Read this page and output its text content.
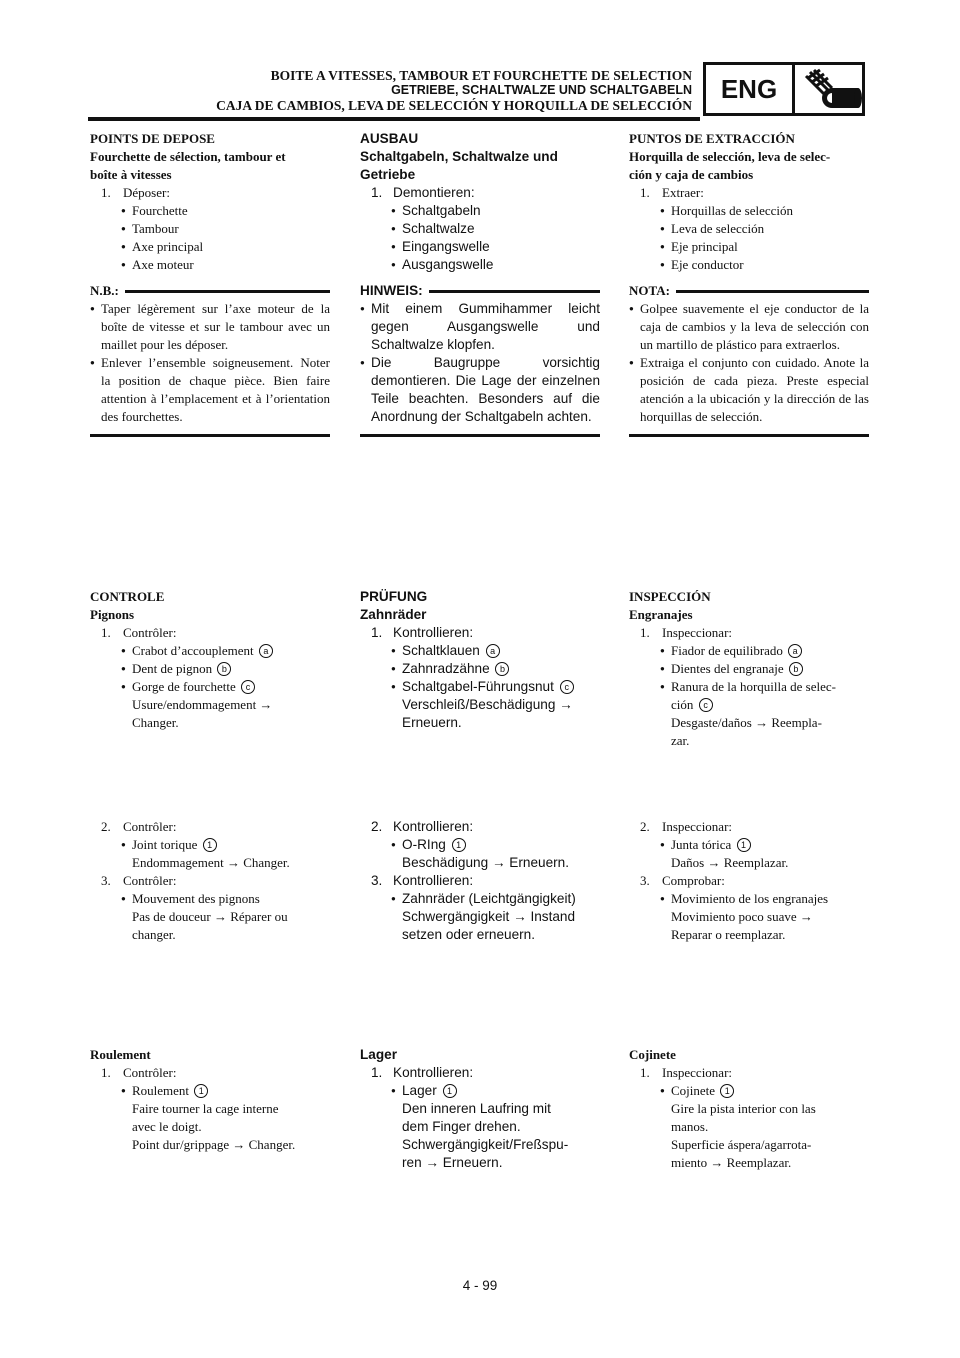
BOITE A VITESSES, TAMBOUR ET FOURCHETTE DE SELECTION
GETRIEBE, SCHALTWALZE UND SCHALTGABELN
CAJA DE CAMBIOS, LEVA DE SELECCIÓN Y HORQUILLA DE SELECCIÓN
ENG
POINTS DE DEPOSE
Fourchette de sélection, tambour et
boîte à vitesses
1. Déposer:
● Fourchette
● Tambour
● Axe principal
● Axe moteur
N.B.:
● Taper légèrement sur l’axe moteur de la boîte de vitesse et sur le tambour avec un maillet pour les déposer.
● Enlever l’ensemble soigneusement. Noter la position de chaque pièce. Bien faire attention à l’emplacement et à l’orientation des fourchettes.
CONTROLE
Pignons
1. Contrôler:
● Crabot d’accouplement a
● Dent de pignon b
● Gorge de fourchette c
Usure/endommagement →
Changer.
2. Contrôler:
● Joint torique 1
Endommagement → Changer.
3. Contrôler:
● Mouvement des pignons
Pas de douceur → Réparer ou
changer.
Roulement
1. Contrôler:
● Roulement 1
Faire tourner la cage interne
avec le doigt.
Point dur/grippage → Changer.
AUSBAU
Schaltgabeln, Schaltwalze und
Getriebe
1. Demontieren:
● Schaltgabeln
● Schaltwalze
● Eingangswelle
● Ausgangswelle
HINWEIS:
● Mit einem Gummihammer leicht gegen Ausgangswelle und Schaltwalze klopfen.
● Die Baugruppe vorsichtig demontieren. Die Lage der einzelnen Teile beachten. Besonders auf die Anordnung der Schaltgabeln achten.
PRÜFUNG
Zahnräder
1. Kontrollieren:
● Schaltklauen a
● Zahnradzähne b
● Schaltgabel-Führungsnut c
Verschleiß/Beschädigung →
Erneuern.
2. Kontrollieren:
● O-RIng 1
Beschädigung → Erneuern.
3. Kontrollieren:
● Zahnräder (Leichtgängigkeit)
Schwergängigkeit → Instand
setzen oder erneuern.
Lager
1. Kontrollieren:
● Lager 1
Den inneren Laufring mit
dem Finger drehen.
Schwergängigkeit/Freßspu-
ren → Erneuern.
PUNTOS DE EXTRACCIÓN
Horquilla de selección, leva de selec-
ción y caja de cambios
1. Extraer:
● Horquillas de selección
● Leva de selección
● Eje principal
● Eje conductor
NOTA:
● Golpee suavemente el eje conductor de la caja de cambios y la leva de selección con un martillo de plástico para extraerlos.
● Extraiga el conjunto con cuidado. Anote la posición de cada pieza. Preste especial atención a la ubicación y la dirección de las horquillas de selección.
INSPECCIÓN
Engranajes
1. Inspeccionar:
● Fiador de equilibrado a
● Dientes del engranaje b
● Ranura de la horquilla de selec-
ción c
Desgaste/daños → Reempla-
zar.
2. Inspeccionar:
● Junta tórica 1
Daños → Reemplazar.
3. Comprobar:
● Movimiento de los engranajes
Movimiento poco suave →
Reparar o reemplazar.
Cojinete
1. Inspeccionar:
● Cojinete 1
Gire la pista interior con las
manos.
Superficie áspera/agarrota-
miento → Reemplazar.
4 - 99
